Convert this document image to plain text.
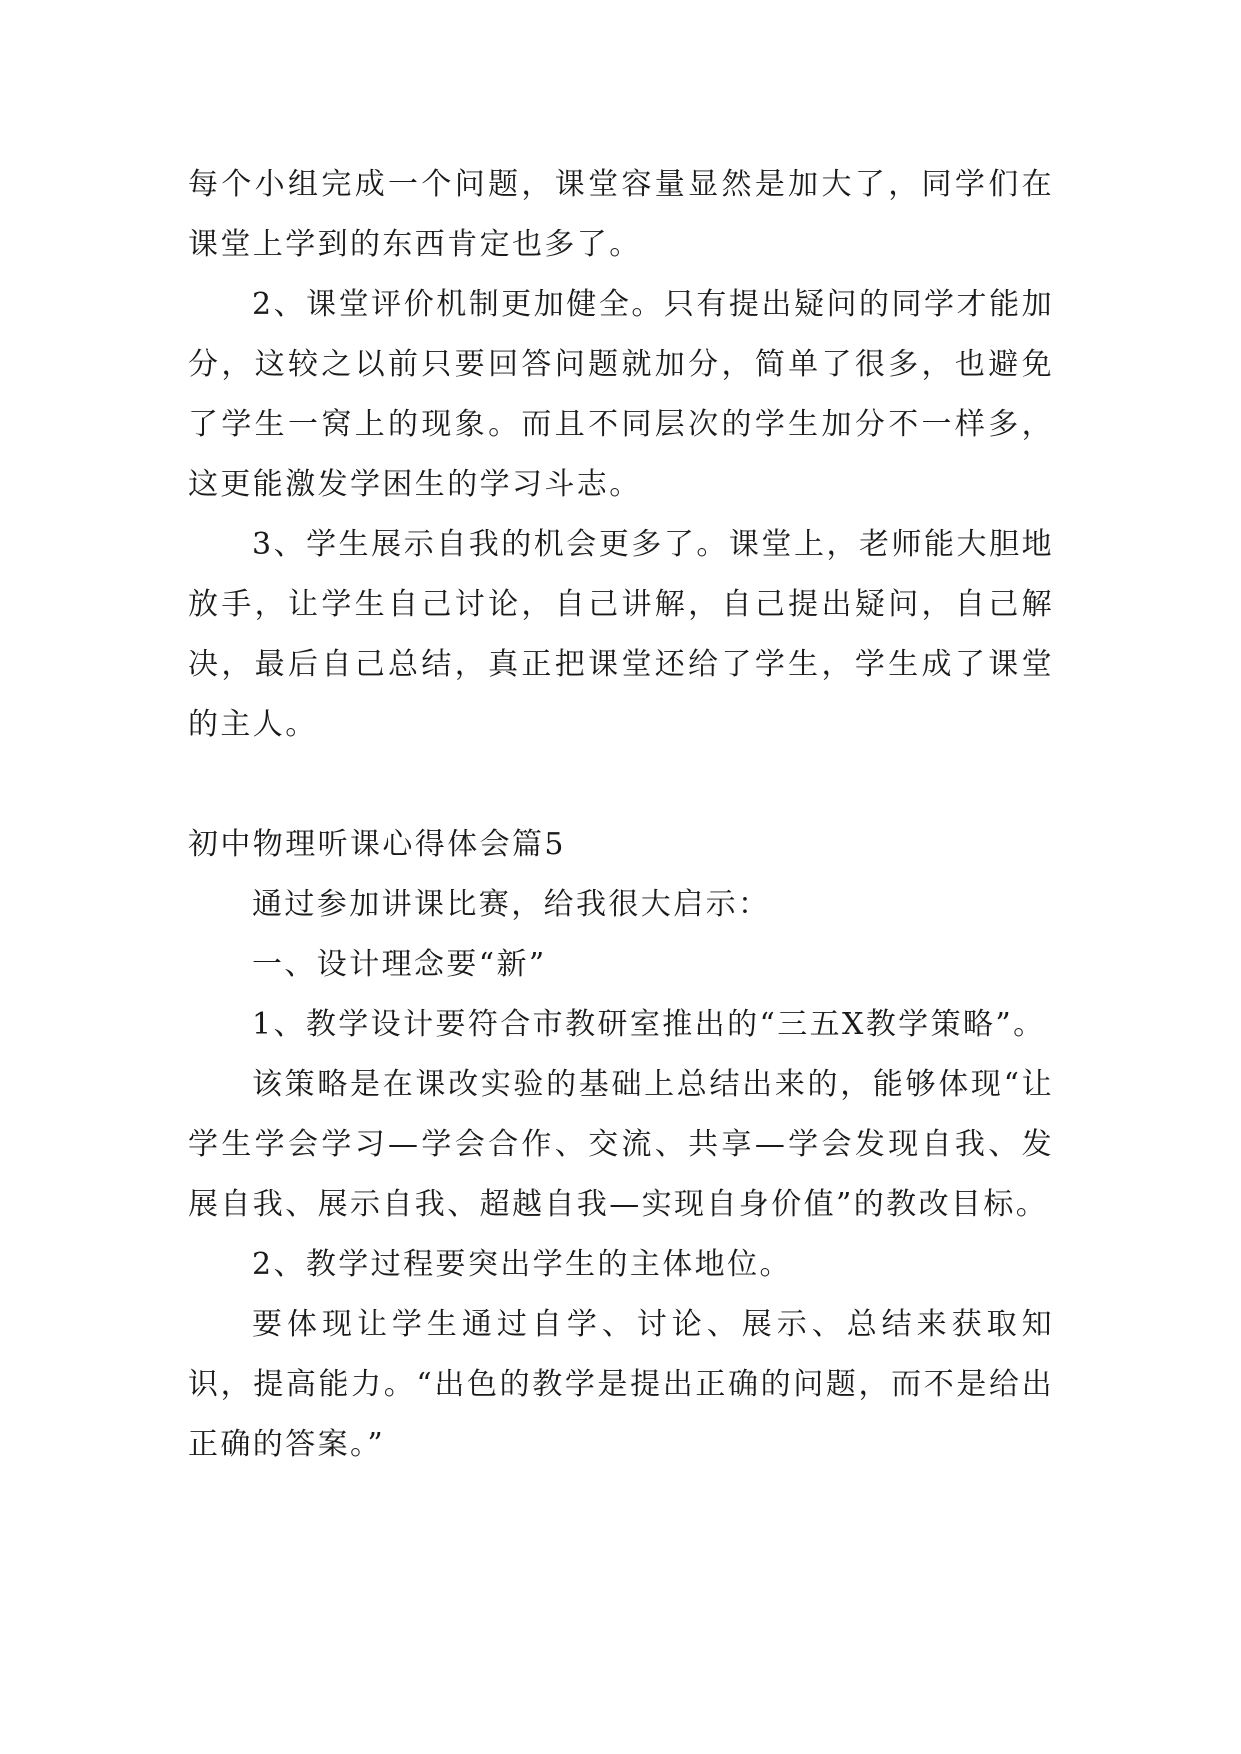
每个小组完成一个问题，课堂容量显然是加大了，同学们在课堂上学到的东西肯定也多了。

2、课堂评价机制更加健全。只有提出疑问的同学才能加分，这较之以前只要回答问题就加分，简单了很多，也避免了学生一窝上的现象。而且不同层次的学生加分不一样多，这更能激发学困生的学习斗志。

3、学生展示自我的机会更多了。课堂上，老师能大胆地放手，让学生自己讨论，自己讲解，自己提出疑问，自己解决，最后自己总结，真正把课堂还给了学生，学生成了课堂的主人。

初中物理听课心得体会篇5

通过参加讲课比赛，给我很大启示：

一、设计理念要“新”

1、教学设计要符合市教研室推出的“三五X教学策略”。

该策略是在课改实验的基础上总结出来的，能够体现“让学生学会学习—学会合作、交流、共享—学会发现自我、发展自我、展示自我、超越自我—实现自身价值”的教改目标。

2、教学过程要突出学生的主体地位。

要体现让学生通过自学、讨论、展示、总结来获取知识，提高能力。“出色的教学是提出正确的问题，而不是给出正确的答案。”
